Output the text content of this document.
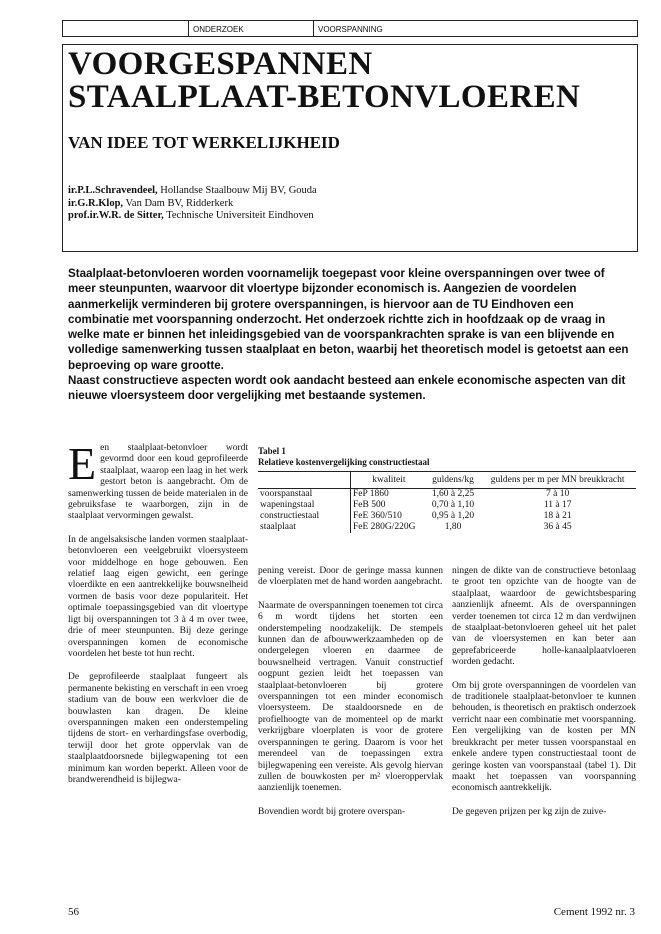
ONDERZOEK	VOORSPANNING
VOORGESPANNEN
STAALPLAAT-BETONVLOEREN
VAN IDEE TOT WERKELIJKHEID
ir.P.L.Schravendeel, Hollandse Staalbouw Mij BV, Gouda
ir.G.R.Klop, Van Dam BV, Ridderkerk
prof.ir.W.R. de Sitter, Technische Universiteit Eindhoven
Staalplaat-betonvloeren worden voornamelijk toegepast voor kleine overspanningen over twee of meer steunpunten, waarvoor dit vloertype bijzonder economisch is. Aangezien de voordelen aanmerkelijk verminderen bij grotere overspanningen, is hiervoor aan de TU Eindhoven een combinatie met voorspanning onderzocht. Het onderzoek richtte zich in hoofdzaak op de vraag in welke mate er binnen het inleidingsgebied van de voorspankrachten sprake is van een blijvende en volledige samenwerking tussen staalplaat en beton, waarbij het theoretisch model is getoetst aan een beproeving op ware grootte.
Naast constructieve aspecten wordt ook aandacht besteed aan enkele economische aspecten van dit nieuwe vloersysteem door vergelijking met bestaande systemen.

Een staalplaat-betonvloer wordt gevormd door een koud geprofileerde staalplaat, waarop een laag in het werk gestort beton is aangebracht. Om de samenwerking tussen de beide materialen in de gebruiksfase te waarborgen, zijn in de staalplaat vervormingen gewalst.

In de angelsaksische landen vormen staalplaat-betonvloeren een veelgebruikt vloersysteem voor middelhoge en hoge gebouwen. Een relatief laag eigen gewicht, een geringe vloerdikte en een aantrekkelijke bouwsnelheid vormen de basis voor deze populariteit. Het optimale toepassingsgebied van dit vloertype ligt bij overspanningen tot 3 à 4 m over twee, drie of meer steunpunten. Bij deze geringe overspanningen komen de economische voordelen het beste tot hun recht.

De geprofileerde staalplaat fungeert als permanente bekisting en verschaft in een vroeg stadium van de bouw een werkvloer die de bouwlasten kan dragen. De kleine overspanningen maken een onderstempeling tijdens de stort- en verhardingsfase overbodig, terwijl door het grote oppervlak van de staalplaatdoorsnede bijlegwapening tot een minimum kan worden beperkt. Alleen voor de brandwerendheid is bijlegwa-

Tabel 1
Relatieve kostenvergelijking constructiestaal
	kwaliteit	guldens/kg	guldens per m per MN breukkracht
voorspanstaal	FeP 1860	1,60 à 2,25	7 à 10
wapeningstaal	FeB 500	0,70 à 1,10	11 à 17
constructiestaal	FeE 360/510	0,95 à 1,20	18 à 21
staalplaat	FeE 280G/220G	1,80	36 à 45

pening vereist. Door de geringe massa kunnen de vloerplaten met de hand worden aangebracht.

Naarmate de overspanningen toenemen tot circa 6 m wordt tijdens het storten een onderstempeling noodzakelijk. De stempels kunnen dan de afbouwwerkzaamheden op de ondergelegen vloeren en daarmee de bouwsnelheid vertragen. Vanuit constructief oogpunt gezien leidt het toepassen van staalplaat-betonvloeren bij grotere overspanningen tot een minder economisch vloersysteem. De staaldoorsnede en de profielhoogte van de momenteel op de markt verkrijgbare vloerplaten is voor de grotere overspanningen te gering. Daarom is voor het merendeel van de toepassingen extra bijlegwapening een vereiste. Als gevolg hiervan zullen de bouwkosten per m² vloeroppervlak aanzienlijk toenemen.

Bovendien wordt bij grotere overspan-

ningen de dikte van de constructieve betonlaag te groot ten opzichte van de hoogte van de staalplaat, waardoor de gewichtsbesparing aanzienlijk afneemt. Als de overspanningen verder toenemen tot circa 12 m dan verdwijnen de staalplaat-betonvloeren geheel uit het palet van de vloersystemen en kan beter aan geprefabriceerde holle-kanaalplaatvloeren worden gedacht.

Om bij grote overspanningen de voordelen van de traditionele staalplaat-betonvloer te kunnen behouden, is theoretisch en praktisch onderzoek verricht naar een combinatie met voorspanning. Een vergelijking van de kosten per MN breukkracht per meter tussen voorspanstaal en enkele andere typen constructiestaal toont de geringe kosten van voorspanstaal (tabel 1). Dit maakt het toepassen van voorspanning economisch aantrekkelijk.

De gegeven prijzen per kg zijn de zuive-

56	Cement 1992 nr. 3
